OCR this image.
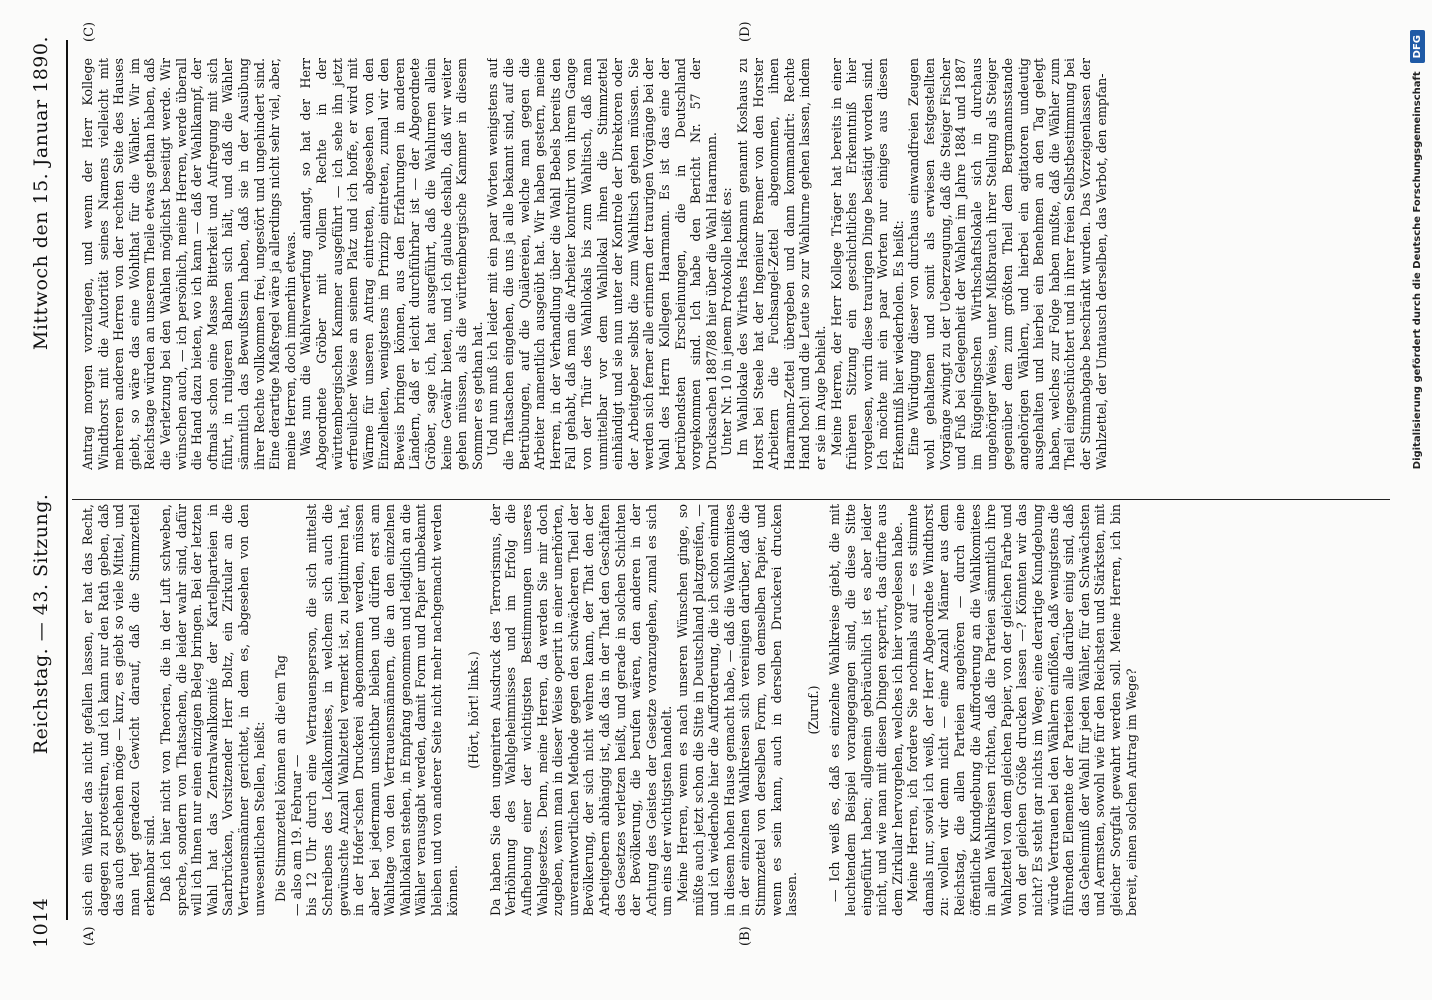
1014
Reichstag. — 43. Sitzung.
Mittwoch den 15. Januar 1890.
(A)	(B)
(C)	(D)

sich ein Wähler das nicht gefallen lassen, er hat das Recht, dagegen zu protestiren, und ich kann nur den Rath geben, daß das auch geschehen möge — kurz, es giebt so viele Mittel, und man legt geradezu Gewicht darauf, daß die Stimmzettel erkennbar sind. Daß ich hier nicht von Theorien, die in der Luft schweben, spreche, sondern von Thatsachen, die leider wahr sind, dafür will ich Ihnen nur einen einzigen Beleg bringen. Bei der letzten Wahl hat das Zentralwahlkomité der Kartellparteien in Saarbrücken, Vorsitzender Herr Boltz, ein Zirkular an die Vertrauensmänner gerichtet, in dem es, abgesehen von den unwesentlichen Stellen, heißt: Die Stimmzettel können an die'em Tag — also am 19. Februar — bis 12 Uhr durch eine Vertrauensperson, die sich mittelst Schreibens des Lokalkomitees, in welchem sich auch die gewünschte Anzahl Wahlzettel vermerkt ist, zu legitimiren hat, in der Hofer'schen Druckerei abgenommen werden, müssen aber bei jedermann unsichtbar bleiben und dürfen erst am Wahltage von den Vertrauensmännern, die an den einzelnen Wahllokalen stehen, in Empfang genommen und lediglich an die Wähler verausgabt werden, damit Form und Papier unbekannt bleiben und von anderer Seite nicht mehr nachgemacht werden können.

(Hört, hört! links.) Da haben Sie den ungenirten Ausdruck des Terrorismus, der Verhöhnung des Wahlgeheimnisses und im Erfolg die Aufhebung einer der wichtigsten Bestimmungen unseres Wahlgesetzes. Denn, meine Herren, da werden Sie mir doch zugeben, wenn man in dieser Weise operirt in einer unerhörten, unverantwortlichen Methode gegen den schwächeren Theil der Bevölkerung, der sich nicht wehren kann, der That den der Arbeitgebern abhängig ist, daß das in der That den Geschäften des Gesetzes verletzen heißt, und gerade in solchen Schichten der Bevölkerung, die berufen wären, den anderen in der Achtung des Geistes der Gesetze voranzugehen, zumal es sich um eins der wichtigsten handelt. Meine Herren, wenn es nach unseren Wünschen ginge, so müßte auch jetzt schon die Sitte in Deutschland platzgreifen, — und ich wiederhole hier die Aufforderung, die ich schon einmal in diesem hohen Hause gemacht habe, — daß die Wahlkomitees in der einzelnen Wahlkreisen sich vereinigen darüber, daß die Stimmzettel von derselben Form, von demselben Papier, und wenn es sein kann, auch in derselben Druckerei drucken lassen.

(Zuruf.) — Ich weiß es, daß es einzelne Wahlkreise giebt, die mit leuchtendem Beispiel vorangegangen sind, die diese Sitte eingeführt haben; allgemein gebräuchlich ist es aber leider nicht, und wie man mit diesen Dingen experirt, das dürfte aus dem Zirkular hervorgehen, welches ich hier vorgelesen habe. Meine Herren, ich fordere Sie nochmals auf — es stimmte damals nur, soviel ich weiß, der Herr Abgeordnete Windthorst zu: wollen wir denn nicht — eine Anzahl Männer aus dem Reichstag, die allen Parteien angehören — durch eine öffentliche Kundgebung die Aufforderung an die Wahlkomitees in allen Wahlkreisen richten, daß die Parteien sämmtlich ihre Wahlzettel von dem gleichen Papier, von der gleichen Farbe und von der gleichen Größe drucken lassen —? Könnten wir das nicht? Es steht gar nichts im Wege; eine derartige Kundgebung würde Vertrauen bei den Wählern einflößen, daß wenigstens die führenden Elemente der Parteien alle darüber einig sind, daß das Geheimniß der Wahl für jeden Wähler, für den Schwächsten und Aermsten, sowohl wie für den Reichsten und Stärksten, mit gleicher Sorgfalt gewahrt werden soll. Meine Herren, ich bin bereit, einen solchen Antrag im Wege?

Antrag morgen vorzulegen, und wenn der Herr Kollege Windthorst mit die Autorität seines Namens vielleicht mit mehreren anderen Herren von der rechten Seite des Hauses giebt, so wäre das eine Wohlthat für die Wähler. Wir im Reichstage würden an unserem Theile etwas gethan haben, daß die Verletzung bei den Wahlen möglichst beseitigt werde. Wir wünschen auch, — ich persönlich, meine Herren, werde überall die Hand dazu bieten, wo ich kann — daß der Wahlkampf, der oftmals schon eine Masse Bitterkeit und Aufregung mit sich führt, in ruhigeren Bahnen sich hält, und daß die Wähler sämmtlich das Bewußtsein haben, daß sie in der Ausübung ihrer Rechte vollkommen frei, ungestört und ungehindert sind. Eine derartige Maßregel wäre ja allerdings nicht sehr viel, aber, meine Herren, doch immerhin etwas. Was nun die Wahlverwerfung anlangt, so hat der Herr Abgeordnete Gröber mit vollem Rechte in der württembergischen Kammer ausgeführt — ich sehe ihn jetzt erfreulicher Weise an seinem Platz und ich hoffe, er wird mit Wärme für unseren Antrag eintreten, abgesehen von den Einzelheiten, wenigstens im Prinzip eintreten, zumal wir den Beweis bringen können, aus den Erfahrungen in anderen Ländern, daß er leicht durchführbar ist — der Abgeordnete Gröber, sage ich, hat ausgeführt, daß die Wahlurnen allein keine Gewähr bieten, und ich glaube deshalb, daß wir weiter gehen müssen, als die württembergische Kammer in diesem Sommer es gethan hat. Und nun muß ich leider mit ein paar Worten wenigstens auf die Thatsachen eingehen, die uns ja alle bekannt sind, auf die Betrübungen, auf die Quälereien, welche man gegen die Arbeiter namentlich ausgeübt hat. Wir haben gestern, meine Herren, in der Verhandlung über die Wahl Bebels bereits den Fall gehabt, daß man die Arbeiter kontrolirt von ihrem Gange von der Thür des Wahllokals bis zum Wahltisch, daß man unmittelbar vor dem Wahllokal ihnen die Stimmzettel einhändigt und sie nun unter der Kontrole der Direktoren oder der Arbeitgeber selbst die zum Wahltisch gehen müssen. Sie werden sich ferner alle erinnern der traurigen Vorgänge bei der Wahl des Herrn Kollegen Haarmann. Es ist das eine der betrübendsten Erscheinungen, die in Deutschland vorgekommen sind. Ich habe den Bericht Nr. 57 der Drucksachen 1887/88 hier über die Wahl Haarmann. Unter Nr. 10 in jenem Protokolle heißt es: Im Wahllokale des Wirthes Hackmann genannt Koshaus zu Horst bei Steele hat der Ingenieur Bremer von den Horster Arbeitern die Fuchsangel-Zettel abgenommen, ihnen Haarmann-Zettel übergeben und dann kommandirt: Rechte Hand hoch! und die Leute so zur Wahlurne gehen lassen, indem er sie im Auge behielt. Meine Herren, der Herr Kollege Träger hat bereits in einer früheren Sitzung ein geschichtliches Erkenntniß hier vorgelesen, worin diese traurigen Dinge bestätigt worden sind. Ich möchte mit ein paar Worten nur einiges aus diesen Erkenntniß hier wiederholen. Es heißt: Eine Würdigung dieser von durchaus einwandfreien Zeugen wohl gehaltenen und somit als erwiesen festgestellten Vorgänge zwingt zu der Ueberzeugung, daß die Steiger Fischer und Fuß bei Gelegenheit der Wahlen im Jahre 1884 und 1887 im Rüggelingschen Wirthschaftslokale sich in durchaus ungehöriger Weise, unter Mißbrauch ihrer Stellung als Steiger gegenüber dem zum größten Theil dem Bergmannsstande angehörigen Wählern, und hierbei ein agitatoren undeutig ausgehalten und hierbei ein Benehmen an den Tag gelegt haben, welches zur Folge haben mußte, daß die Wähler zum Theil eingeschüchtert und in ihrer freien Selbstbestimmung bei der Stimmabgabe beschränkt wurden. Das Vorzeigenlassen der Wahlzettel, der Umtausch derselben, das Verbot, den empfan-	Digitalisierung gefördert durch die Deutsche Forschungsgemeinschaft
DFG
